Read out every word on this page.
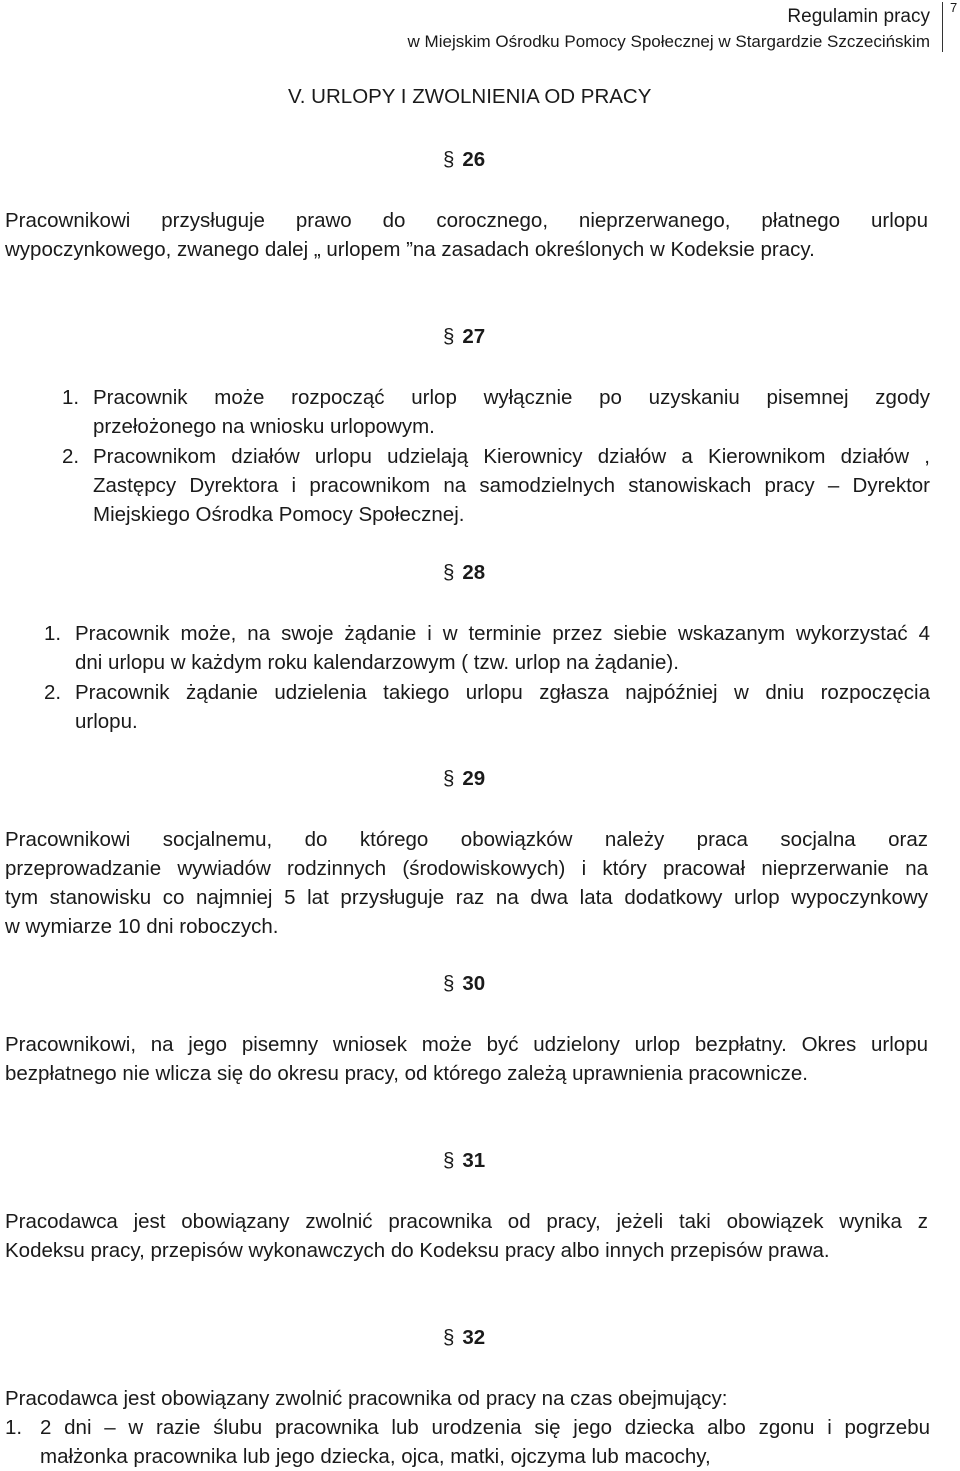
Regulamin pracy
w Miejskim Ośrodku Pomocy Społecznej w Stargardzie Szczecińskim
7
V. URLOPY I ZWOLNIENIA OD PRACY
§ 26
Pracownikowi przysługuje prawo do corocznego, nieprzerwanego, płatnego urlopu
wypoczynkowego, zwanego dalej „ urlopem ”na zasadach określonych w Kodeksie pracy.
§ 27
1. Pracownik może rozpocząć urlop wyłącznie po uzyskaniu pisemnej zgody
przełożonego na wniosku urlopowym.
2. Pracownikom działów urlopu udzielają Kierownicy działów a Kierownikom działów ,
Zastępcy Dyrektora i pracownikom na samodzielnych stanowiskach pracy – Dyrektor
Miejskiego Ośrodka Pomocy Społecznej.
§ 28
1. Pracownik może, na swoje żądanie i w terminie przez siebie wskazanym wykorzystać 4
dni urlopu w każdym roku kalendarzowym ( tzw. urlop na żądanie).
2. Pracownik żądanie udzielenia takiego urlopu zgłasza najpóźniej w dniu rozpoczęcia
urlopu.
§ 29
Pracownikowi socjalnemu, do którego obowiązków należy praca socjalna oraz
przeprowadzanie wywiadów rodzinnych (środowiskowych) i który pracował nieprzerwanie na
tym stanowisku co najmniej 5 lat przysługuje raz na dwa lata dodatkowy urlop wypoczynkowy
w wymiarze 10 dni roboczych.
§ 30
Pracownikowi, na jego pisemny wniosek może być udzielony urlop bezpłatny. Okres urlopu
bezpłatnego nie wlicza się do okresu pracy, od którego zależą uprawnienia pracownicze.
§ 31
Pracodawca jest obowiązany zwolnić pracownika od pracy, jeżeli taki obowiązek wynika z
Kodeksu pracy, przepisów wykonawczych do Kodeksu pracy albo innych przepisów prawa.
§ 32
Pracodawca jest obowiązany zwolnić pracownika od pracy na czas obejmujący:
1. 2 dni – w razie ślubu pracownika lub urodzenia się jego dziecka albo zgonu i pogrzebu
małżonka pracownika lub jego dziecka, ojca, matki, ojczyma lub macochy,
